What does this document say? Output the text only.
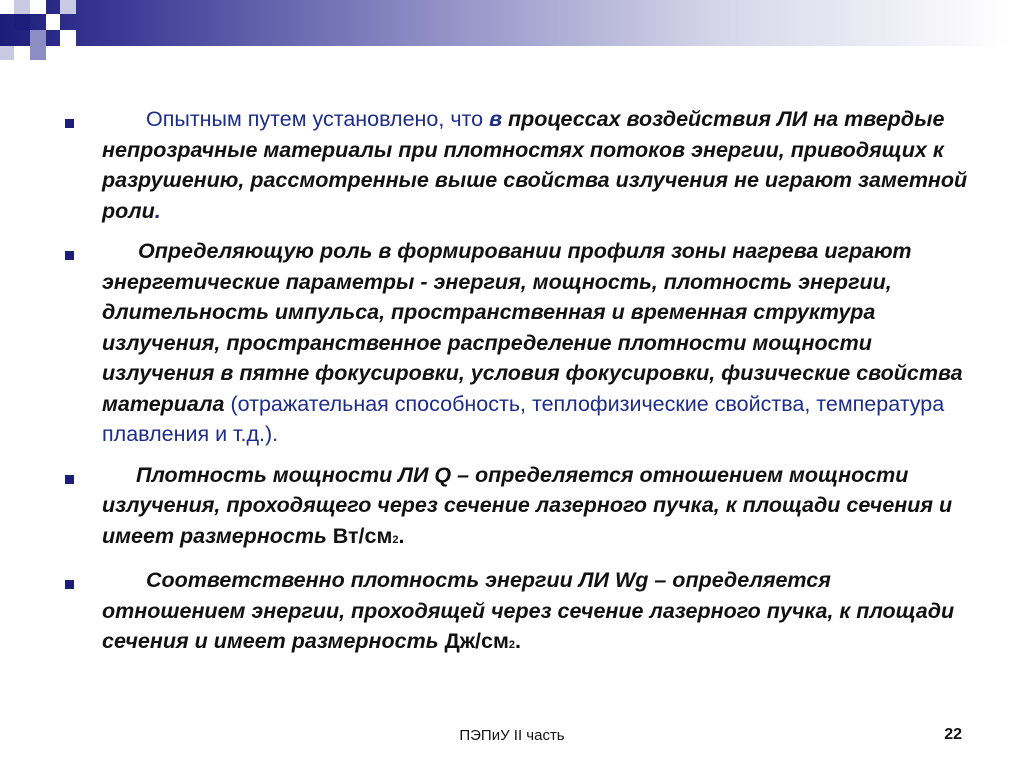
Опытным путем установлено, что в процессах воздействия ЛИ на твердые непрозрачные материалы при плотностях потоков энергии, приводящих к разрушению, рассмотренные выше свойства излучения не играют заметной роли.
Определяющую роль в формировании профиля зоны нагрева играют энергетические параметры - энергия, мощность, плотность энергии, длительность импульса, пространственная и временная структура излучения, пространственное распределение плотности мощности излучения в пятне фокусировки, условия фокусировки, физические свойства материала (отражательная способность, теплофизические свойства, температура плавления и т.д.).
Плотность мощности ЛИ Q – определяется отношением мощности излучения, проходящего через сечение лазерного пучка, к площади сечения и имеет размерность Вт/см2.
Соответственно плотность энергии ЛИ Wg – определяется отношением энергии, проходящей через сечение лазерного пучка, к площади сечения и имеет размерность Дж/см2.
ПЭПиУ II часть	22
